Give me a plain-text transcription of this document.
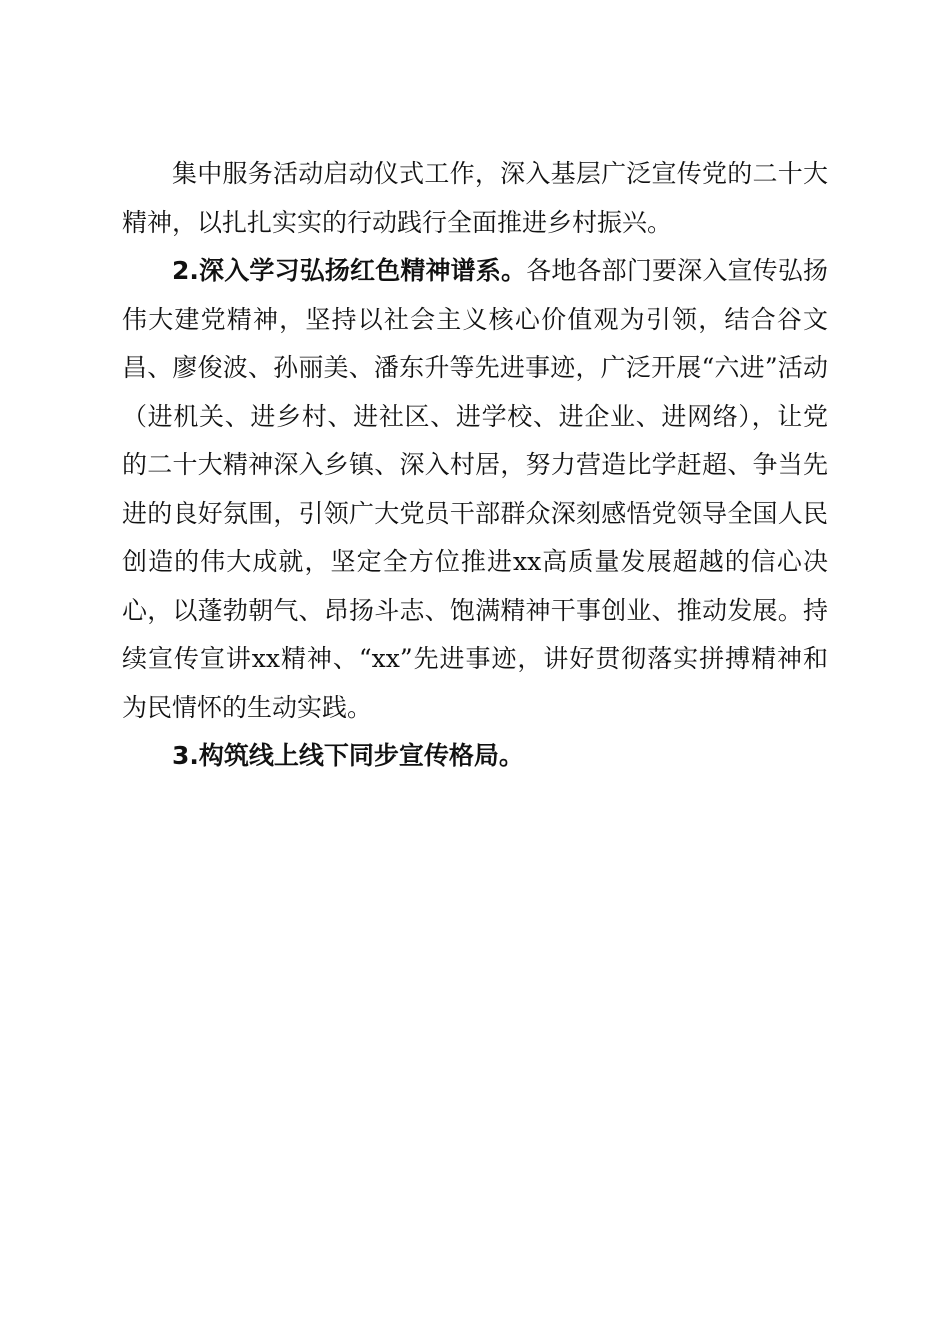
集中服务活动启动仪式工作，深入基层广泛宣传党的二十大精神，以扎扎实实的行动践行全面推进乡村振兴。

2.深入学习弘扬红色精神谱系。各地各部门要深入宣传弘扬伟大建党精神，坚持以社会主义核心价值观为引领，结合谷文昌、廖俊波、孙丽美、潘东升等先进事迹，广泛开展“六进”活动（进机关、进乡村、进社区、进学校、进企业、进网络），让党的二十大精神深入乡镇、深入村居，努力营造比学赶超、争当先进的良好氛围，引领广大党员干部群众深刻感悟党领导全国人民创造的伟大成就，坚定全方位推进xx高质量发展超越的信心决心，以蓬勃朝气、昂扬斗志、饱满精神干事创业、推动发展。持续宣传宣讲xx精神、“xx”先进事迹，讲好贯彻落实拼搏精神和为民情怀的生动实践。

3.构筑线上线下同步宣传格局。
